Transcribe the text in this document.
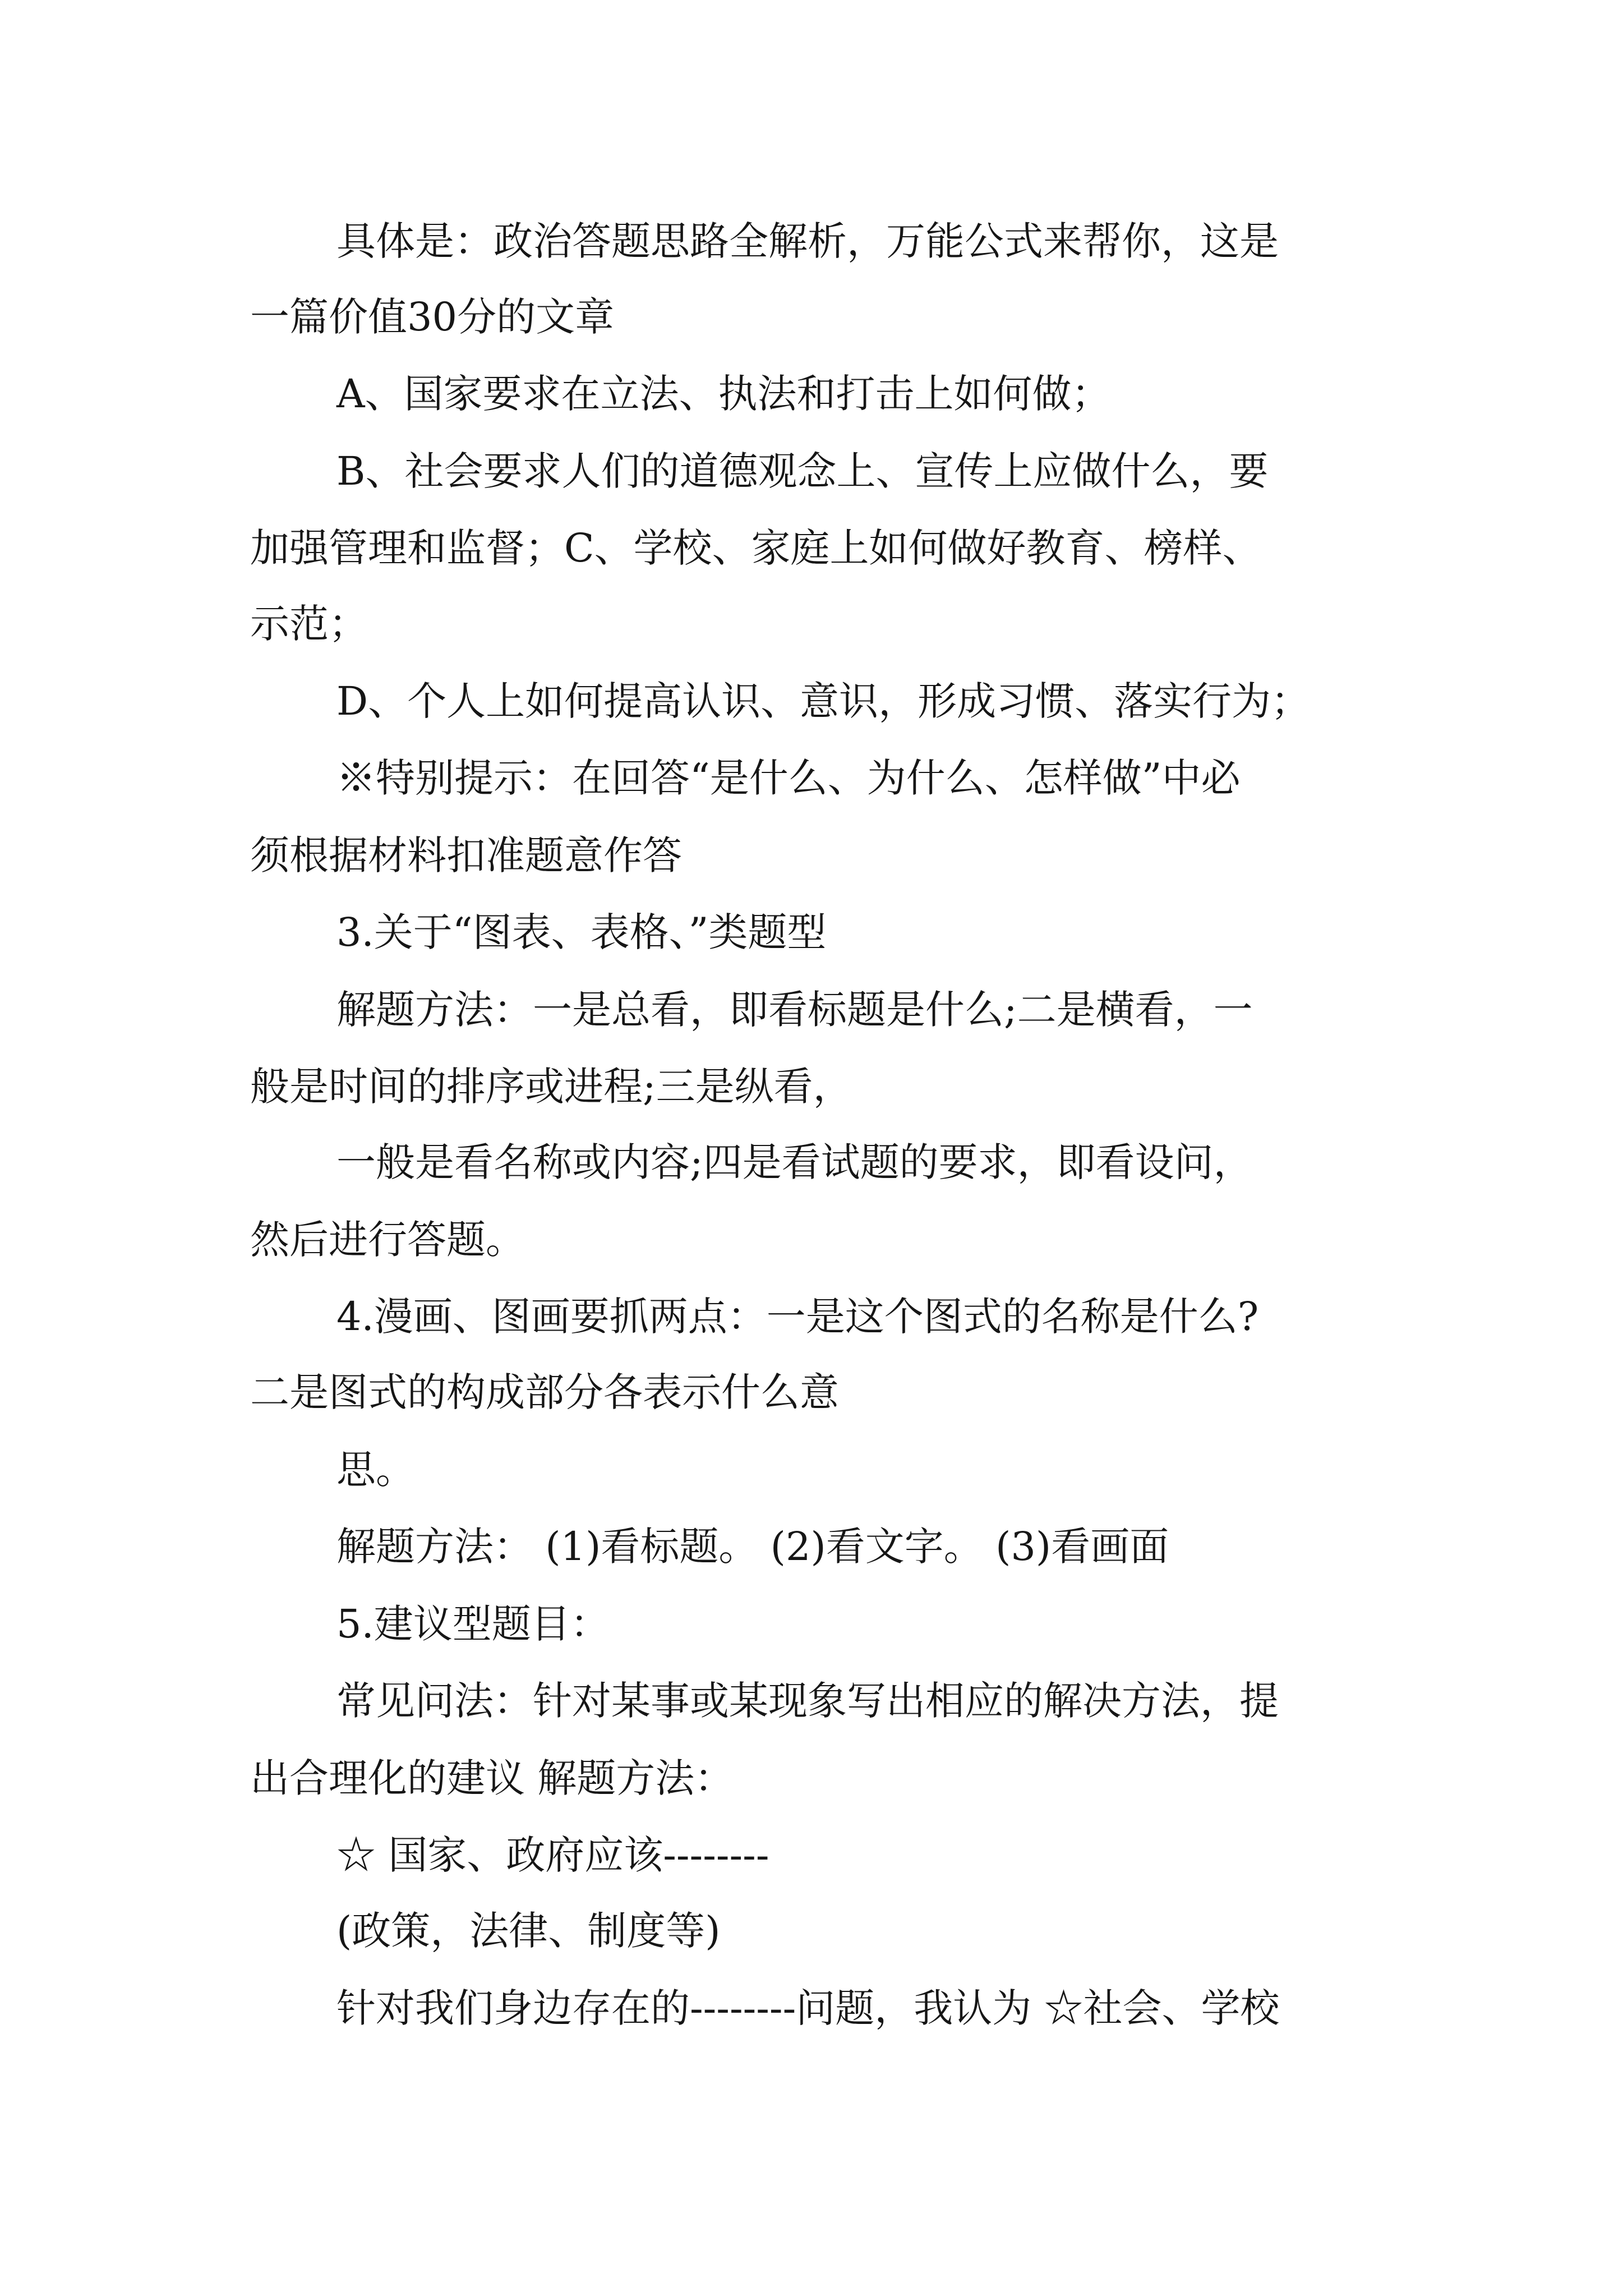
具体是：政治答题思路全解析，万能公式来帮你，这是

一篇价值30分的文章

A、国家要求在立法、执法和打击上如何做；

B、社会要求人们的道德观念上、宣传上应做什么，要

加强管理和监督；C、学校、家庭上如何做好教育、榜样、

示范；

D、个人上如何提高认识、意识，形成习惯、落实行为；

※特别提示：在回答“是什么、为什么、怎样做”中必

须根据材料扣准题意作答

3.关于“图表、表格、”类题型

解题方法：一是总看，即看标题是什么;二是横看，一

般是时间的排序或进程;三是纵看，

一般是看名称或内容;四是看试题的要求，即看设问，

然后进行答题。

4.漫画、图画要抓两点：一是这个图式的名称是什么?

二是图式的构成部分各表示什么意

思。

解题方法： (1)看标题。 (2)看文字。 (3)看画面

5.建议型题目：

常见问法：针对某事或某现象写出相应的解决方法，提

出合理化的建议 解题方法：

☆ 国家、政府应该--------

(政策，法律、制度等)

针对我们身边存在的--------问题，我认为 ☆社会、学校
